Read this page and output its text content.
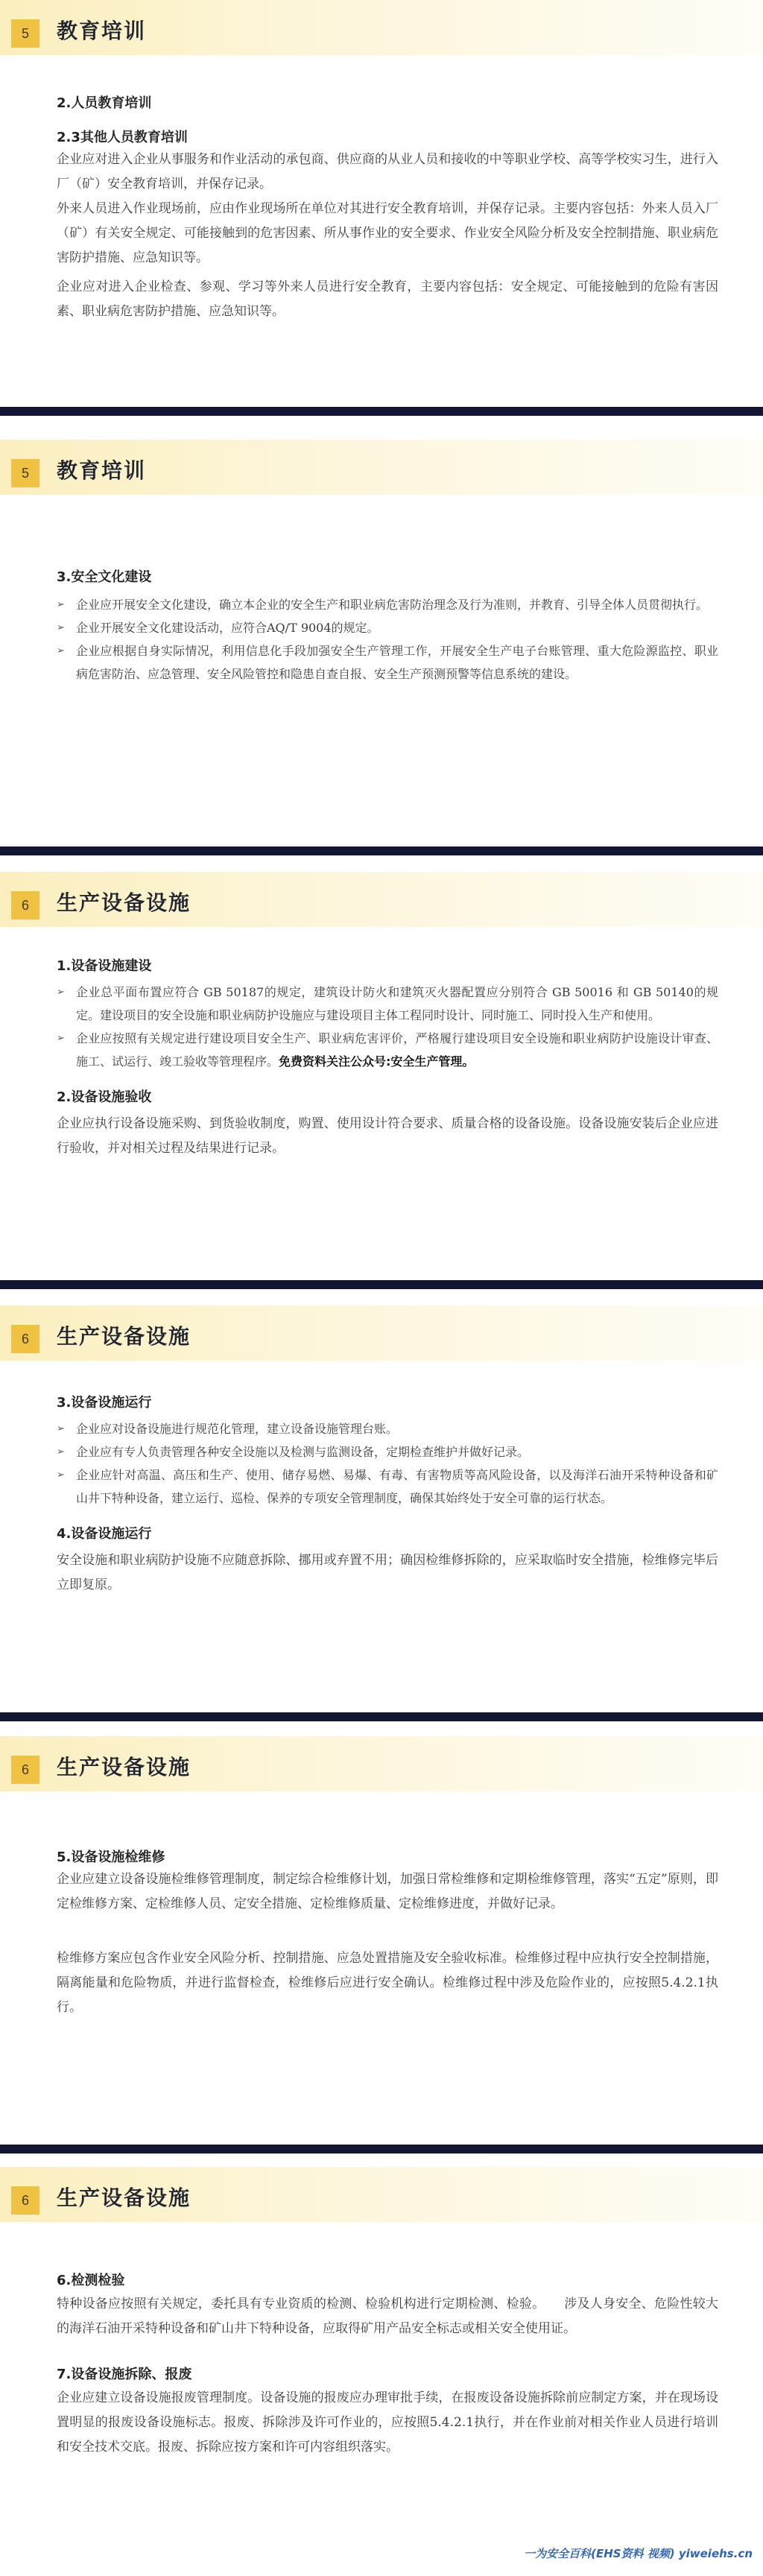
5	教育培训
2.人员教育培训
2.3其他人员教育培训

企业应对进入企业从事服务和作业活动的承包商、供应商的从业人员和接收的中等职业学校、高等学校实习生，进行入厂（矿）安全教育培训，并保存记录。

外来人员进入作业现场前，应由作业现场所在单位对其进行安全教育培训，并保存记录。主要内容包括：外来人员入厂（矿）有关安全规定、可能接触到的危害因素、所从事作业的安全要求、作业安全风险分析及安全控制措施、职业病危害防护措施、应急知识等。

企业应对进入企业检查、参观、学习等外来人员进行安全教育，主要内容包括：安全规定、可能接触到的危险有害因素、职业病危害防护措施、应急知识等。

5	教育培训
3.安全文化建设
➢ 企业应开展安全文化建设，确立本企业的安全生产和职业病危害防治理念及行为准则，并教育、引导全体人员贯彻执行。
➢ 企业开展安全文化建设活动，应符合AQ/T 9004的规定。
➢ 企业应根据自身实际情况，利用信息化手段加强安全生产管理工作，开展安全生产电子台账管理、重大危险源监控、职业病危害防治、应急管理、安全风险管控和隐患自查自报、安全生产预测预警等信息系统的建设。
6	生产设备设施
1.设备设施建设
➢ 企业总平面布置应符合 GB 50187的规定，建筑设计防火和建筑灭火器配置应分别符合 GB 50016 和 GB 50140的规定。建设项目的安全设施和职业病防护设施应与建设项目主体工程同时设计、同时施工、同时投入生产和使用。
➢ 企业应按照有关规定进行建设项目安全生产、职业病危害评价，严格履行建设项目安全设施和职业病防护设施设计审查、施工、试运行、竣工验收等管理程序。免费资料关注公众号:安全生产管理。
2.设备设施验收

企业应执行设备设施采购、到货验收制度，购置、使用设计符合要求、质量合格的设备设施。设备设施安装后企业应进行验收，并对相关过程及结果进行记录。

6	生产设备设施
3.设备设施运行
➢ 企业应对设备设施进行规范化管理，建立设备设施管理台账。
➢ 企业应有专人负责管理各种安全设施以及检测与监测设备，定期检查维护并做好记录。
➢ 企业应针对高温、高压和生产、使用、储存易燃、易爆、有毒、有害物质等高风险设备，以及海洋石油开采特种设备和矿山井下特种设备，建立运行、巡检、保养的专项安全管理制度，确保其始终处于安全可靠的运行状态。
4.设备设施运行

安全设施和职业病防护设施不应随意拆除、挪用或弃置不用；确因检维修拆除的，应采取临时安全措施，检维修完毕后立即复原。

6	生产设备设施
5.设备设施检维修

企业应建立设备设施检维修管理制度，制定综合检维修计划，加强日常检维修和定期检维修管理，落实“五定”原则，即定检维修方案、定检维修人员、定安全措施、定检维修质量、定检维修进度，并做好记录。

检维修方案应包含作业安全风险分析、控制措施、应急处置措施及安全验收标准。检维修过程中应执行安全控制措施，隔离能量和危险物质，并进行监督检查，检维修后应进行安全确认。检维修过程中涉及危险作业的，应按照5.4.2.1执行。

6	生产设备设施
6.检测检验

特种设备应按照有关规定，委托具有专业资质的检测、检验机构进行定期检测、检验。　　涉及人身安全、危险性较大的海洋石油开采特种设备和矿山井下特种设备，应取得矿用产品安全标志或相关安全使用证。

7.设备设施拆除、报废

企业应建立设备设施报废管理制度。设备设施的报废应办理审批手续，在报废设备设施拆除前应制定方案，并在现场设置明显的报废设备设施标志。报废、拆除涉及许可作业的，应按照5.4.2.1执行，并在作业前对相关作业人员进行培训和安全技术交底。报废、拆除应按方案和许可内容组织落实。

一为安全百科(EHS资料 视频) yiweiehs.cn
